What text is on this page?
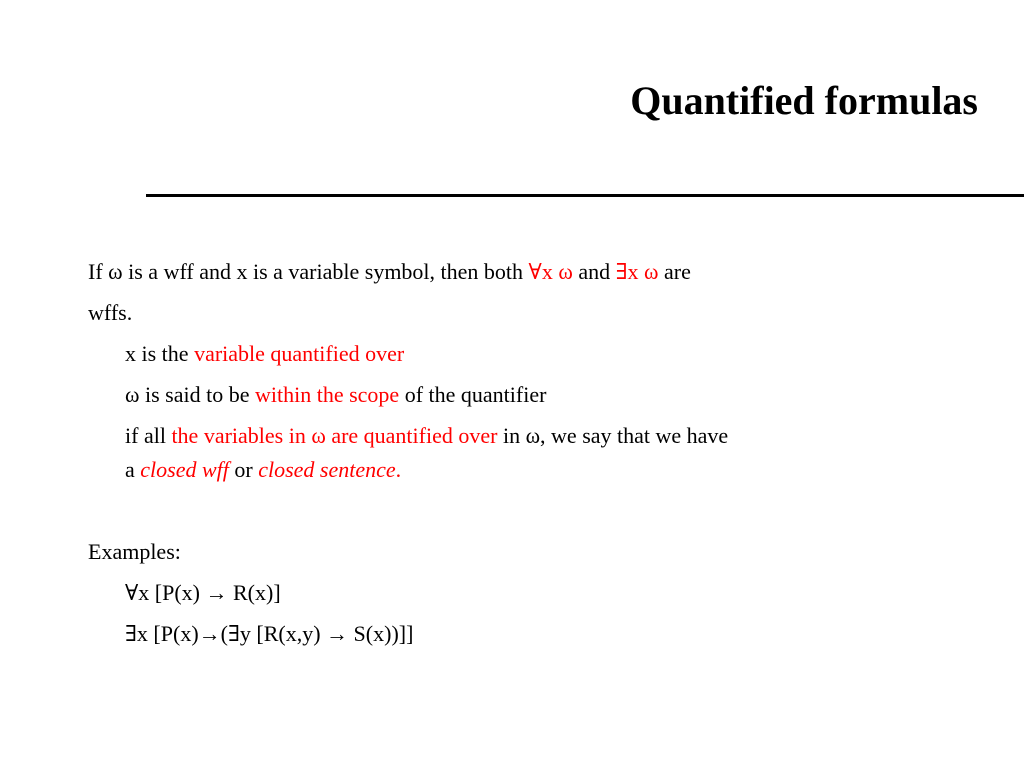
Quantified formulas
If ω is a wff and x is a variable symbol, then both ∀x ω and ∃x ω are
wffs.
x is the variable quantified over
ω is said to be within the scope of the quantifier
if all the variables in ω are quantified over in ω, we say that we have
a closed wff or closed sentence.
Examples:
∀x [P(x) → R(x)]
∃x [P(x)→(∃y [R(x,y) → S(x))]]
